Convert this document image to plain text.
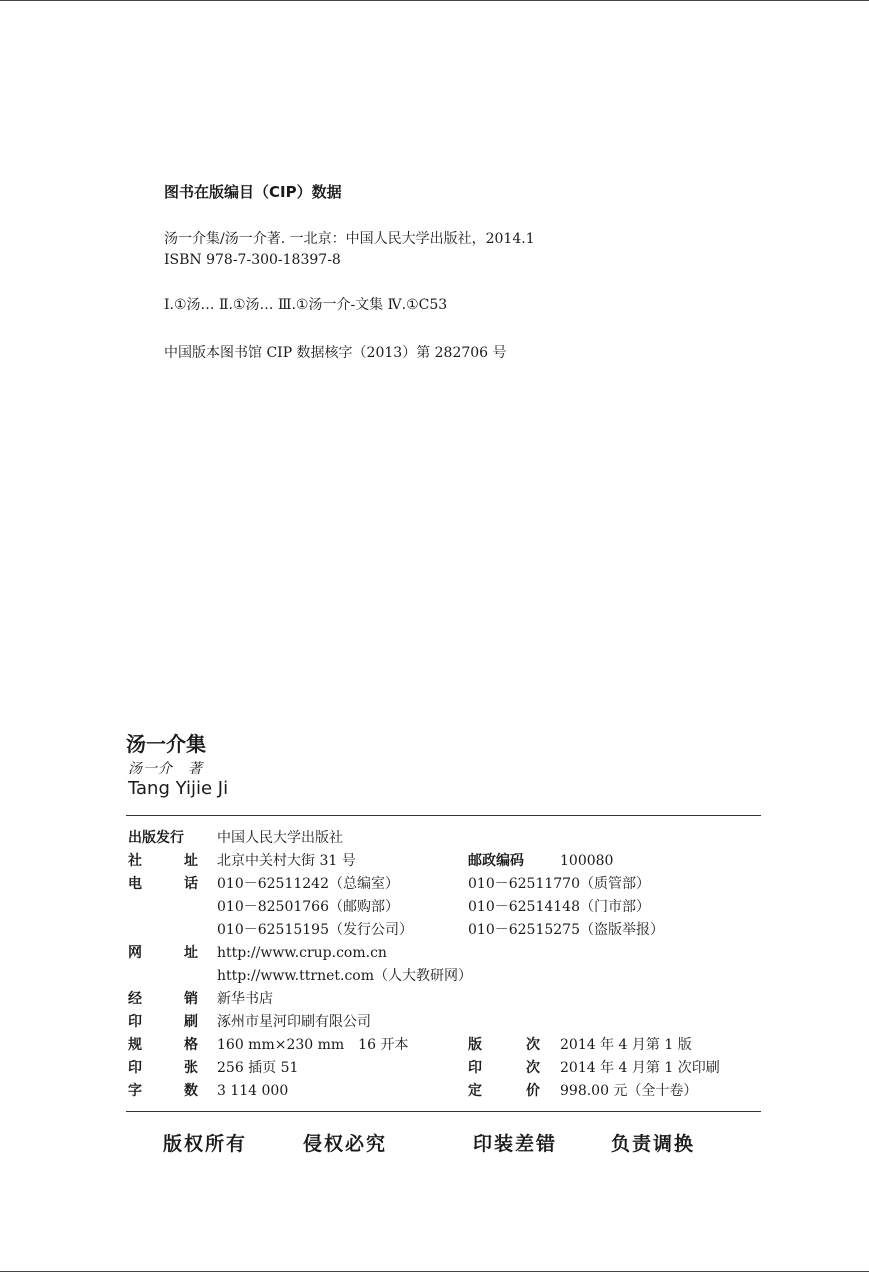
图书在版编目（CIP）数据
汤一介集/汤一介著. 一北京：中国人民大学出版社，2014.1
ISBN 978-7-300-18397-8
Ⅰ.①汤… Ⅱ.①汤… Ⅲ.①汤一介-文集 Ⅳ.①C53
中国版本图书馆 CIP 数据核字（2013）第 282706 号
汤一介集
汤一介　著
Tang Yijie Ji
出版发行	中国人民大学出版社
社	址 北京中关村大街 31 号	邮政编码	100080
电	话 010－62511242（总编室）	010－62511770（质管部）
010－82501766（邮购部）	010－62514148（门市部）
010－62515195（发行公司）	010－62515275（盗版举报）
网	址 http://www.crup.com.cn
http://www.ttrnet.com（人大教研网）
经	销 新华书店
印	刷 涿州市星河印刷有限公司
规	格 160 mm×230 mm　16 开本	版	次 2014 年 4 月第 1 版
印	张 256 插页 51	印	次 2014 年 4 月第 1 次印刷
字	数 3 114 000	定	价 998.00 元（全十卷）
版权所有	侵权必究	印装差错	负责调换
